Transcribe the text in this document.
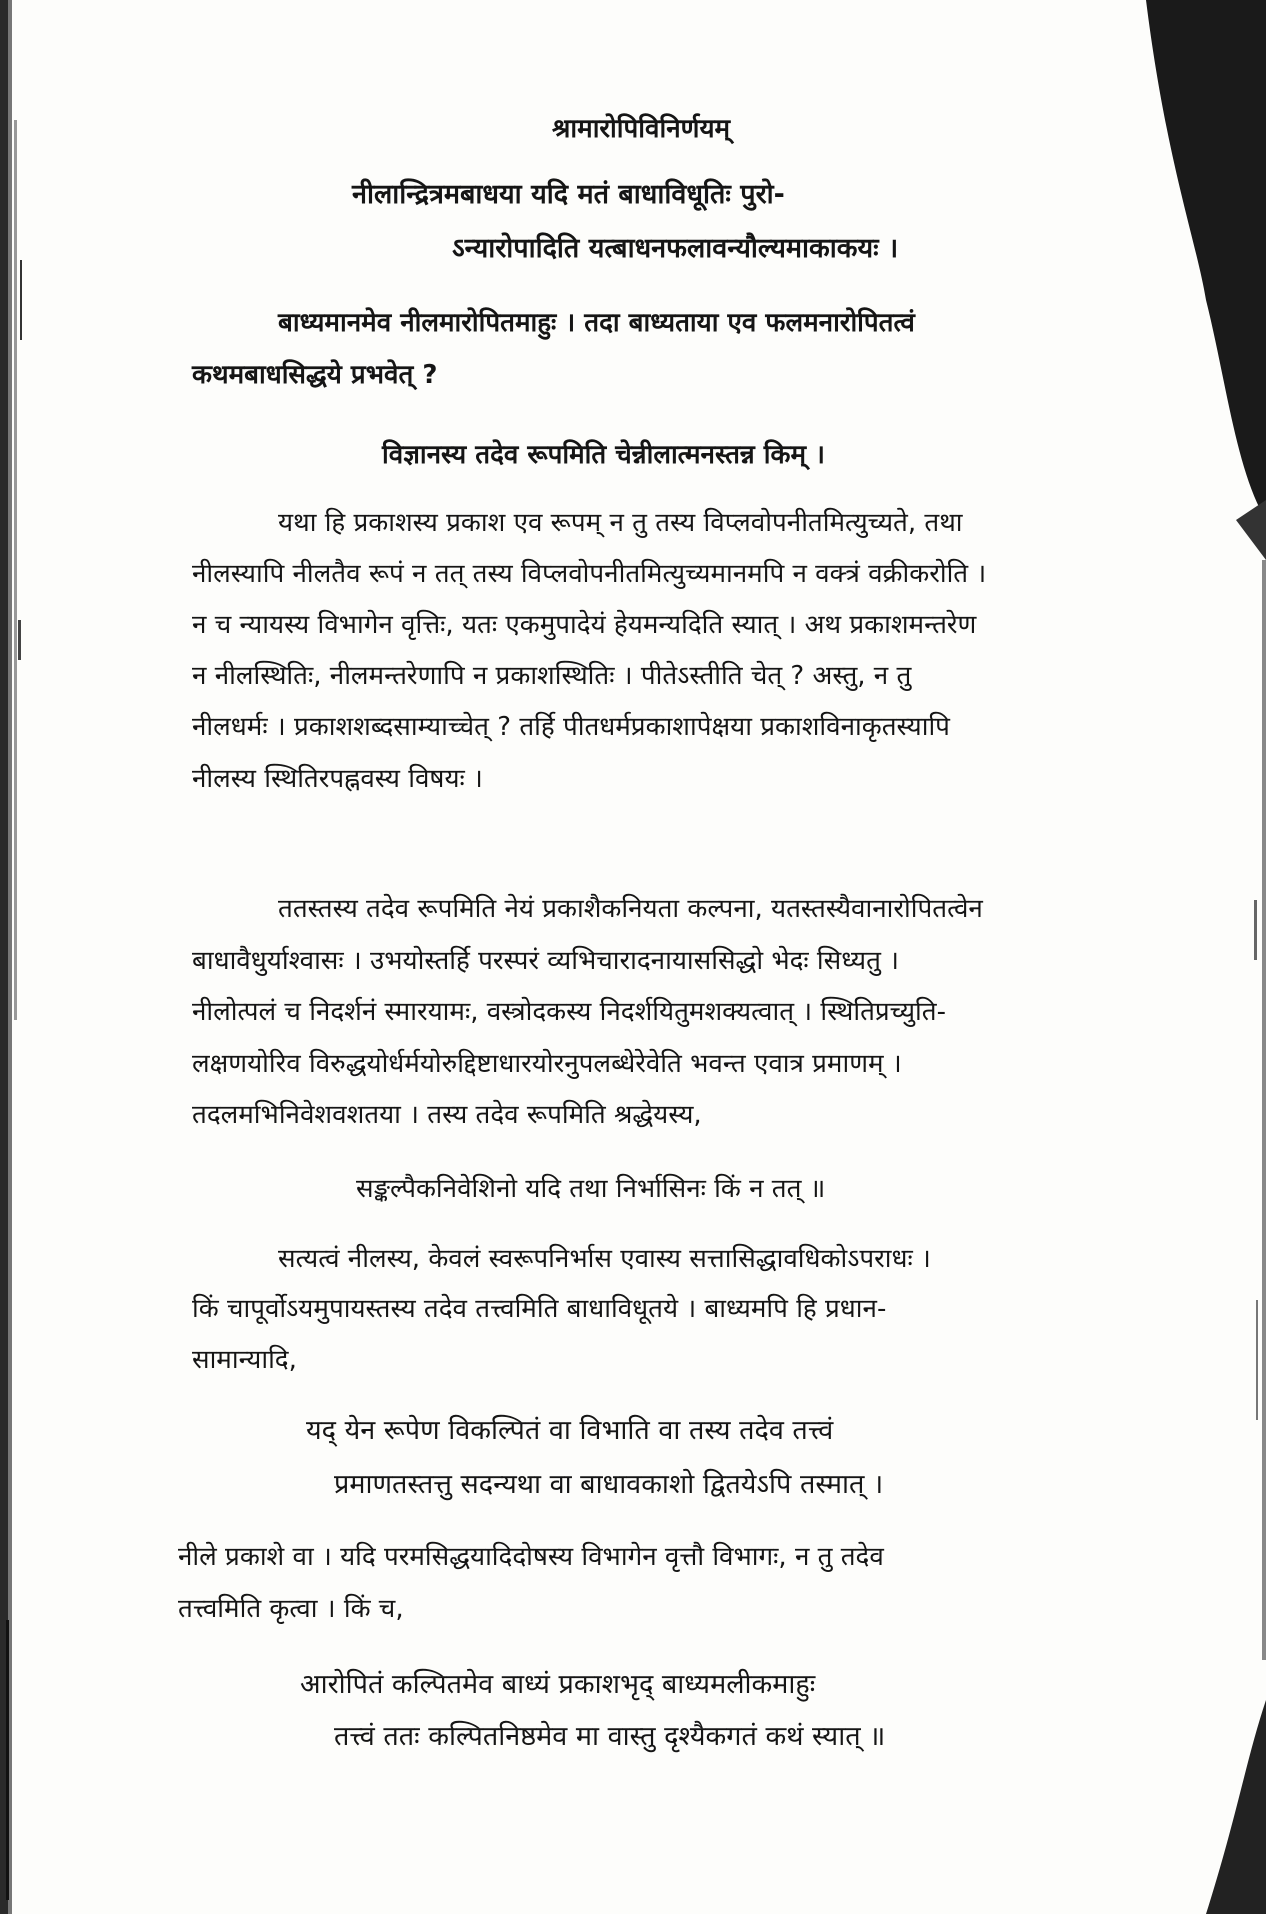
श्रामारोपिविनिर्णयम्
नीलान्द्रित्रमबाधया यदि मतं बाधाविधूतिः पुरो-
ऽन्यारोपादिति यत्बाधनफलावन्यौल्यमाकाकयः ।
बाध्यमानमेव नीलमारोपितमाहुः । तदा बाध्यताया एव फलमनारोपितत्वं
कथमबाधसिद्धये प्रभवेत् ?
विज्ञानस्य तदेव रूपमिति चेन्नीलात्मनस्तन्न किम् ।
यथा हि प्रकाशस्य प्रकाश एव रूपम् न तु तस्य विप्लवोपनीतमित्युच्यते, तथा
नीलस्यापि नीलतैव रूपं न तत् तस्य विप्लवोपनीतमित्युच्यमानमपि न वक्त्रं वक्रीकरोति ।
न च न्यायस्य विभागेन वृत्तिः, यतः एकमुपादेयं हेयमन्यदिति स्यात् । अथ प्रकाशमन्तरेण
न नीलस्थितिः, नीलमन्तरेणापि न प्रकाशस्थितिः । पीतेऽस्तीति चेत् ? अस्तु, न तु
नीलधर्मः । प्रकाशशब्दसाम्याच्चेत् ? तर्हि पीतधर्मप्रकाशापेक्षया प्रकाशविनाकृतस्यापि
नीलस्य स्थितिरपह्नवस्य विषयः ।
ततस्तस्य तदेव रूपमिति नेयं प्रकाशैकनियता कल्पना, यतस्तस्यैवानारोपितत्वेन
बाधावैधुर्याश्वासः । उभयोस्तर्हि परस्परं व्यभिचारादनायाससिद्धो भेदः सिध्यतु ।
नीलोत्पलं च निदर्शनं स्मारयामः, वस्त्रोदकस्य निदर्शयितुमशक्यत्वात् । स्थितिप्रच्युति-
लक्षणयोरिव विरुद्धयोर्धर्मयोरुद्दिष्टाधारयोरनुपलब्धेरेवेति भवन्त एवात्र प्रमाणम् ।
तदलमभिनिवेशवशतया । तस्य तदेव रूपमिति श्रद्धेयस्य,
सङ्कल्पैकनिवेशिनो यदि तथा निर्भासिनः किं न तत् ॥
सत्यत्वं नीलस्य, केवलं स्वरूपनिर्भास एवास्य सत्तासिद्धावधिकोऽपराधः ।
किं चापूर्वोऽयमुपायस्तस्य तदेव तत्त्वमिति बाधाविधूतये । बाध्यमपि हि प्रधान-
सामान्यादि,
यद् येन रूपेण विकल्पितं वा विभाति वा तस्य तदेव तत्त्वं
प्रमाणतस्तत्तु सदन्यथा वा बाधावकाशो द्वितयेऽपि तस्मात् ।
नीले प्रकाशे वा । यदि परमसिद्धयादिदोषस्य विभागेन वृत्तौ विभागः, न तु तदेव
तत्त्वमिति कृत्वा । किं च,
आरोपितं कल्पितमेव बाध्यं प्रकाशभृद् बाध्यमलीकमाहुः
तत्त्वं ततः कल्पितनिष्ठमेव मा वास्तु दृश्यैकगतं कथं स्यात् ॥
